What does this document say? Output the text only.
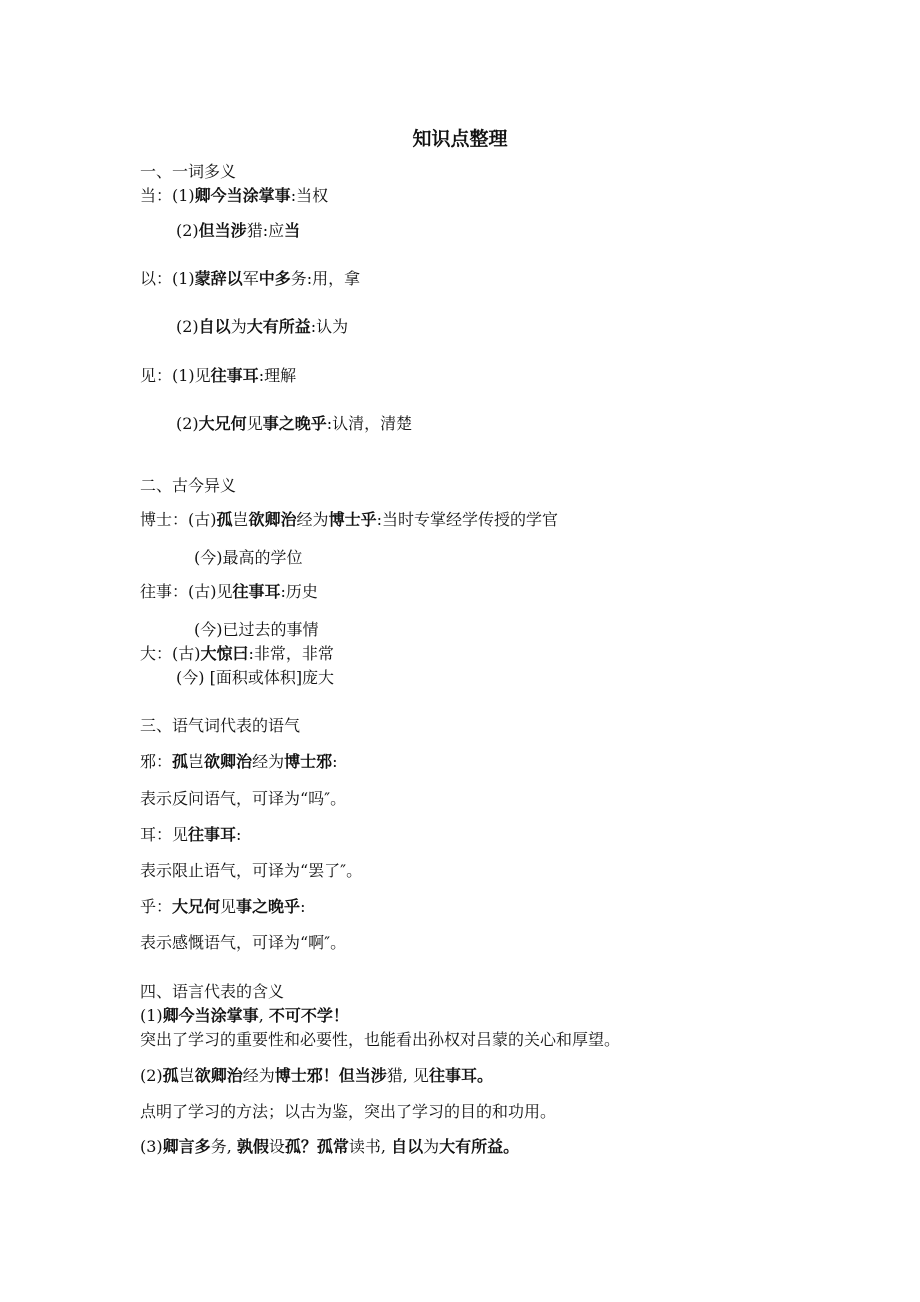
知识点整理
一、一词多义
当：(1)卿今当涂掌事:当权
(2)但当涉猎:应当
以：(1)蒙辞以军中多务:用，拿
(2)自以为大有所益:认为
见：(1)见往事耳:理解
(2)大兄何见事之晚乎:认清，清楚
二、古今异义
博士：(古)孤岂欲卿治经为博士乎:当时专掌经学传授的学官
(今)最高的学位
往事：(古)见往事耳:历史
(今)已过去的事情
大：(古)大惊曰:非常，非常
(今) [面积或体积]庞大
三、语气词代表的语气
邪：孤岂欲卿治经为博士邪:
表示反问语气，可译为“吗″。
耳：见往事耳:
表示限止语气，可译为“罢了″。
乎：大兄何见事之晚乎:
表示感慨语气，可译为“啊″。
四、语言代表的含义
(1)卿今当涂掌事, 不可不学！
突出了学习的重要性和必要性，也能看出孙权对吕蒙的关心和厚望。
(2)孤岂欲卿治经为博士邪！但当涉猎, 见往事耳。
点明了学习的方法；以古为鉴，突出了学习的目的和功用。
(3)卿言多务, 孰假设孤？孤常读书, 自以为大有所益。
